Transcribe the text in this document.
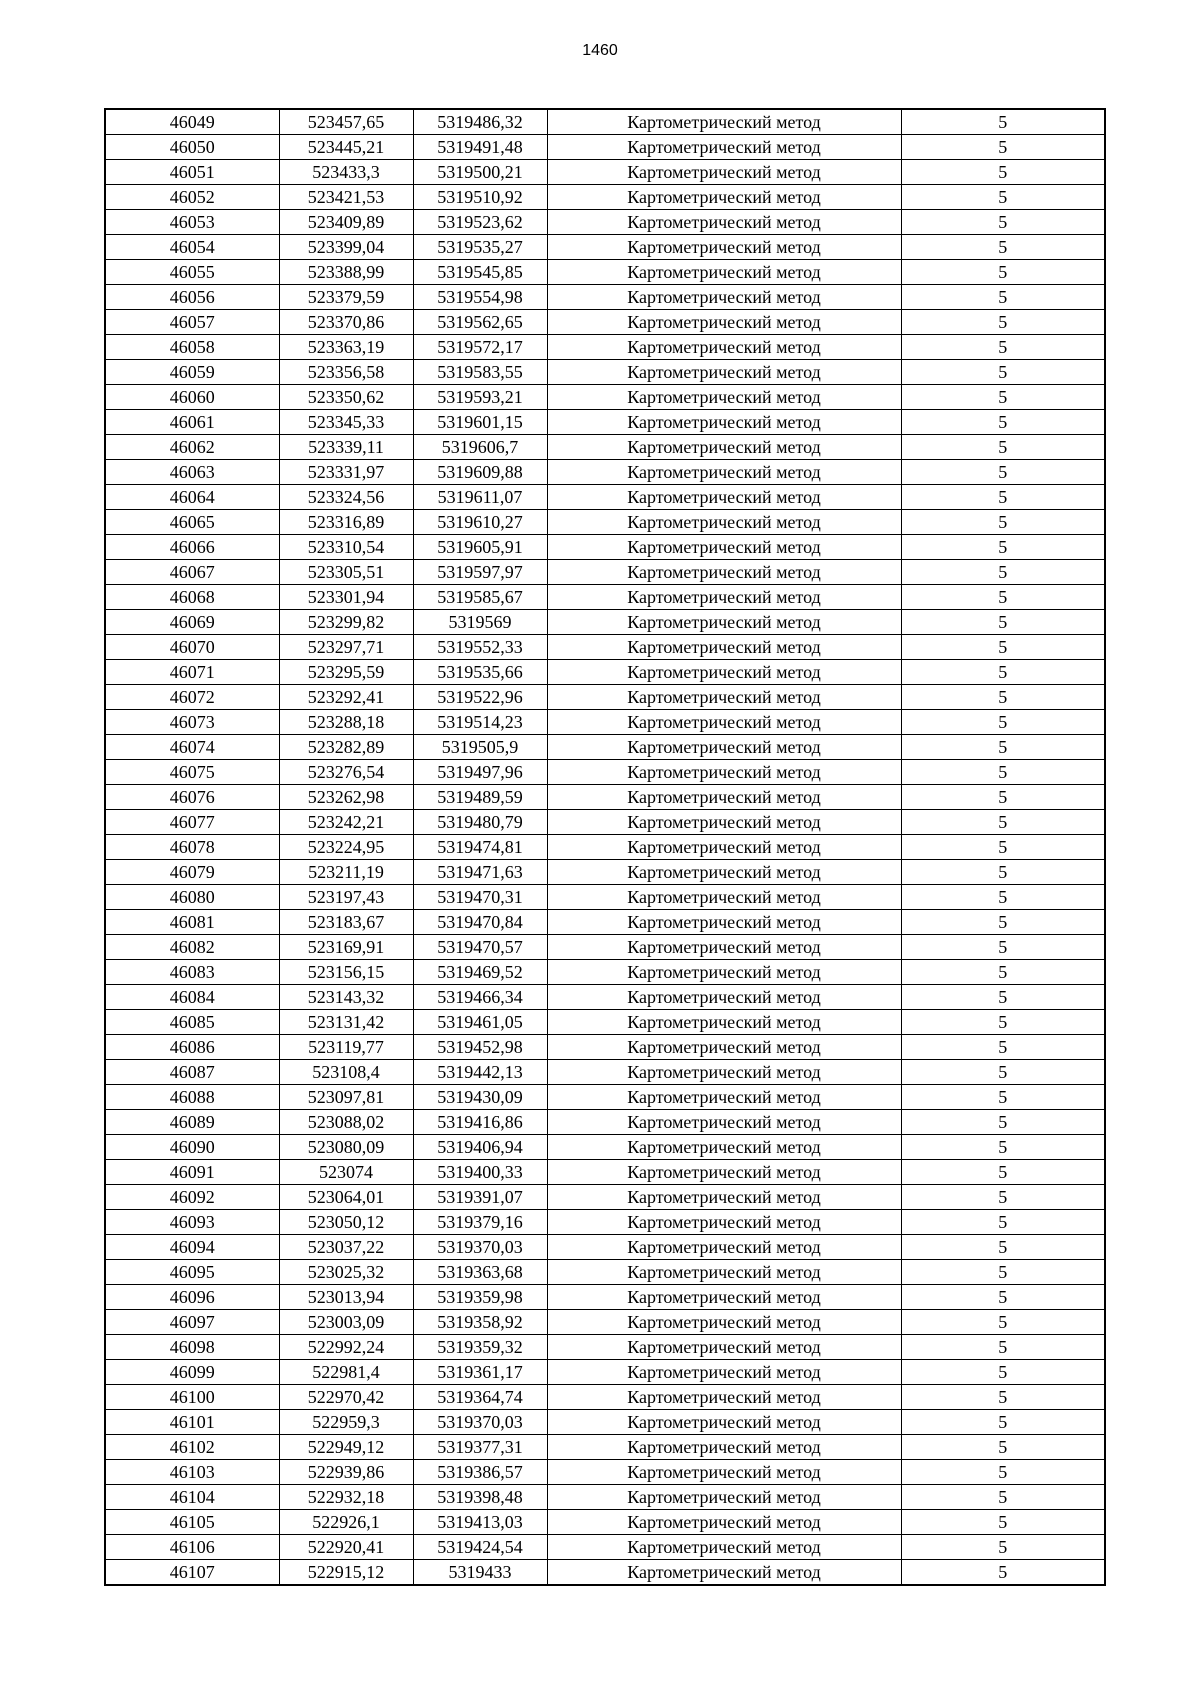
1460
46049	523457,65	5319486,32	Картометрический метод	5
46050	523445,21	5319491,48	Картометрический метод	5
46051	523433,3	5319500,21	Картометрический метод	5
46052	523421,53	5319510,92	Картометрический метод	5
46053	523409,89	5319523,62	Картометрический метод	5
46054	523399,04	5319535,27	Картометрический метод	5
46055	523388,99	5319545,85	Картометрический метод	5
46056	523379,59	5319554,98	Картометрический метод	5
46057	523370,86	5319562,65	Картометрический метод	5
46058	523363,19	5319572,17	Картометрический метод	5
46059	523356,58	5319583,55	Картометрический метод	5
46060	523350,62	5319593,21	Картометрический метод	5
46061	523345,33	5319601,15	Картометрический метод	5
46062	523339,11	5319606,7	Картометрический метод	5
46063	523331,97	5319609,88	Картометрический метод	5
46064	523324,56	5319611,07	Картометрический метод	5
46065	523316,89	5319610,27	Картометрический метод	5
46066	523310,54	5319605,91	Картометрический метод	5
46067	523305,51	5319597,97	Картометрический метод	5
46068	523301,94	5319585,67	Картометрический метод	5
46069	523299,82	5319569	Картометрический метод	5
46070	523297,71	5319552,33	Картометрический метод	5
46071	523295,59	5319535,66	Картометрический метод	5
46072	523292,41	5319522,96	Картометрический метод	5
46073	523288,18	5319514,23	Картометрический метод	5
46074	523282,89	5319505,9	Картометрический метод	5
46075	523276,54	5319497,96	Картометрический метод	5
46076	523262,98	5319489,59	Картометрический метод	5
46077	523242,21	5319480,79	Картометрический метод	5
46078	523224,95	5319474,81	Картометрический метод	5
46079	523211,19	5319471,63	Картометрический метод	5
46080	523197,43	5319470,31	Картометрический метод	5
46081	523183,67	5319470,84	Картометрический метод	5
46082	523169,91	5319470,57	Картометрический метод	5
46083	523156,15	5319469,52	Картометрический метод	5
46084	523143,32	5319466,34	Картометрический метод	5
46085	523131,42	5319461,05	Картометрический метод	5
46086	523119,77	5319452,98	Картометрический метод	5
46087	523108,4	5319442,13	Картометрический метод	5
46088	523097,81	5319430,09	Картометрический метод	5
46089	523088,02	5319416,86	Картометрический метод	5
46090	523080,09	5319406,94	Картометрический метод	5
46091	523074	5319400,33	Картометрический метод	5
46092	523064,01	5319391,07	Картометрический метод	5
46093	523050,12	5319379,16	Картометрический метод	5
46094	523037,22	5319370,03	Картометрический метод	5
46095	523025,32	5319363,68	Картометрический метод	5
46096	523013,94	5319359,98	Картометрический метод	5
46097	523003,09	5319358,92	Картометрический метод	5
46098	522992,24	5319359,32	Картометрический метод	5
46099	522981,4	5319361,17	Картометрический метод	5
46100	522970,42	5319364,74	Картометрический метод	5
46101	522959,3	5319370,03	Картометрический метод	5
46102	522949,12	5319377,31	Картометрический метод	5
46103	522939,86	5319386,57	Картометрический метод	5
46104	522932,18	5319398,48	Картометрический метод	5
46105	522926,1	5319413,03	Картометрический метод	5
46106	522920,41	5319424,54	Картометрический метод	5
46107	522915,12	5319433	Картометрический метод	5
